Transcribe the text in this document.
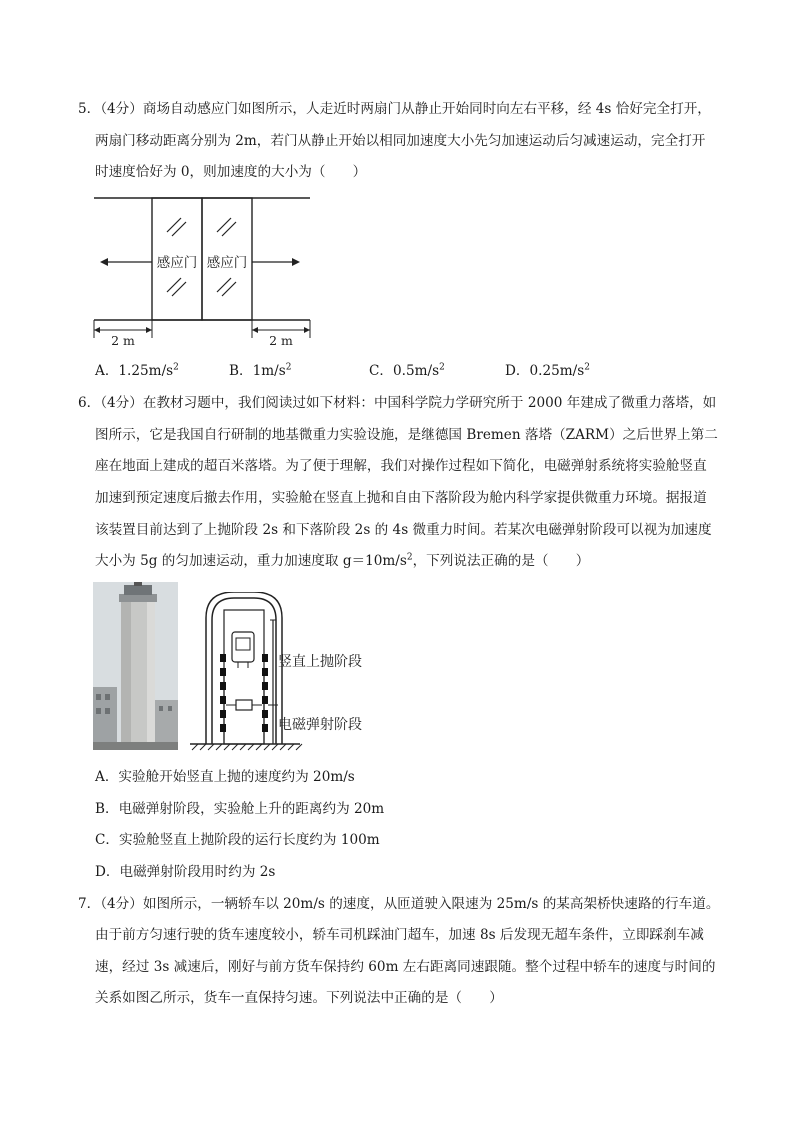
5．（4分）商场自动感应门如图所示，人走近时两扇门从静止开始同时向左右平移，经 4s 恰好完全打开，
两扇门移动距离分别为 2m，若门从静止开始以相同加速度大小先匀加速运动后匀减速运动，完全打开
时速度恰好为 0，则加速度的大小为（　　）
感应门 感应门
2 m	2 m
A．$1.25m/s^2$	B．$1m/s^2$	C．$0.5m/s^2$	D．$0.25m/s^2$
6．（4分）在教材习题中，我们阅读过如下材料：中国科学院力学研究所于 2000 年建成了微重力落塔，如
图所示，它是我国自行研制的地基微重力实验设施，是继德国 Bremen 落塔（ZARM）之后世界上第二
座在地面上建成的超百米落塔。为了便于理解，我们对操作过程如下简化，电磁弹射系统将实验舱竖直
加速到预定速度后撤去作用，实验舱在竖直上抛和自由下落阶段为舱内科学家提供微重力环境。据报道
该装置目前达到了上抛阶段 2s 和下落阶段 2s 的 4s 微重力时间。若某次电磁弹射阶段可以视为加速度
大小为 5g 的匀加速运动，重力加速度取 $g=10m/s^2$，下列说法正确的是（　　）
竖直上抛阶段
电磁弹射阶段
A．实验舱开始竖直上抛的速度约为 20m/s
B．电磁弹射阶段，实验舱上升的距离约为 20m
C．实验舱竖直上抛阶段的运行长度约为 100m
D．电磁弹射阶段用时约为 2s
7．（4分）如图所示，一辆轿车以 20m/s 的速度，从匝道驶入限速为 25m/s 的某高架桥快速路的行车道。
由于前方匀速行驶的货车速度较小，轿车司机踩油门超车，加速 8s 后发现无超车条件，立即踩刹车减
速，经过 3s 减速后，刚好与前方货车保持约 60m 左右距离同速跟随。整个过程中轿车的速度与时间的
关系如图乙所示，货车一直保持匀速。下列说法中正确的是（　　）
